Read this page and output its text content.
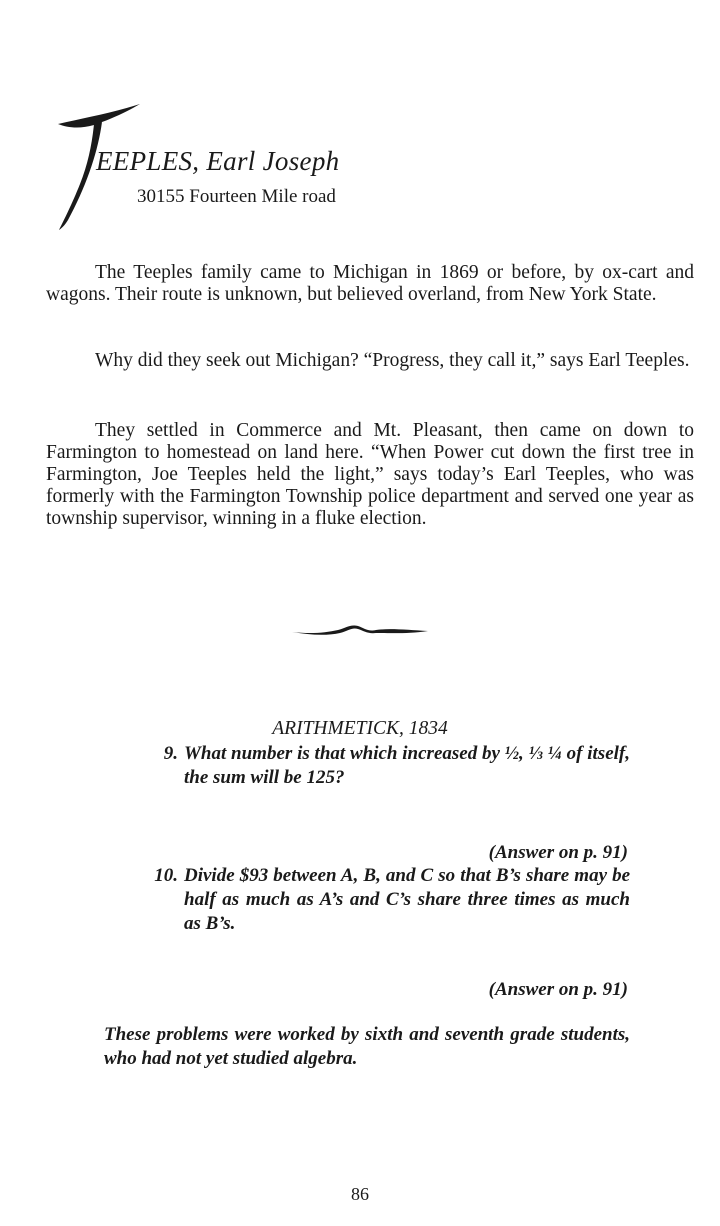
EEPLES, Earl Joseph
30155 Fourteen Mile road

The Teeples family came to Michigan in 1869 or before, by ox-cart and wagons. Their route is unknown, but believed overland, from New York State.

Why did they seek out Michigan? “Progress, they call it,” says Earl Teeples.

They settled in Commerce and Mt. Pleasant, then came on down to Farmington to homestead on land here. “When Power cut down the first tree in Farmington, Joe Teeples held the light,” says today’s Earl Teeples, who was formerly with the Farmington Township police department and served one year as township supervisor, winning in a fluke election.

ARITHMETICK, 1834
9. What number is that which increased by ½, ⅓ ¼ of itself, the sum will be 125?
(Answer on p. 91)
10. Divide $93 between A, B, and C so that B’s share may be half as much as A’s and C’s share three times as much as B’s.
(Answer on p. 91)
These problems were worked by sixth and seventh grade students, who had not yet studied algebra.
86
